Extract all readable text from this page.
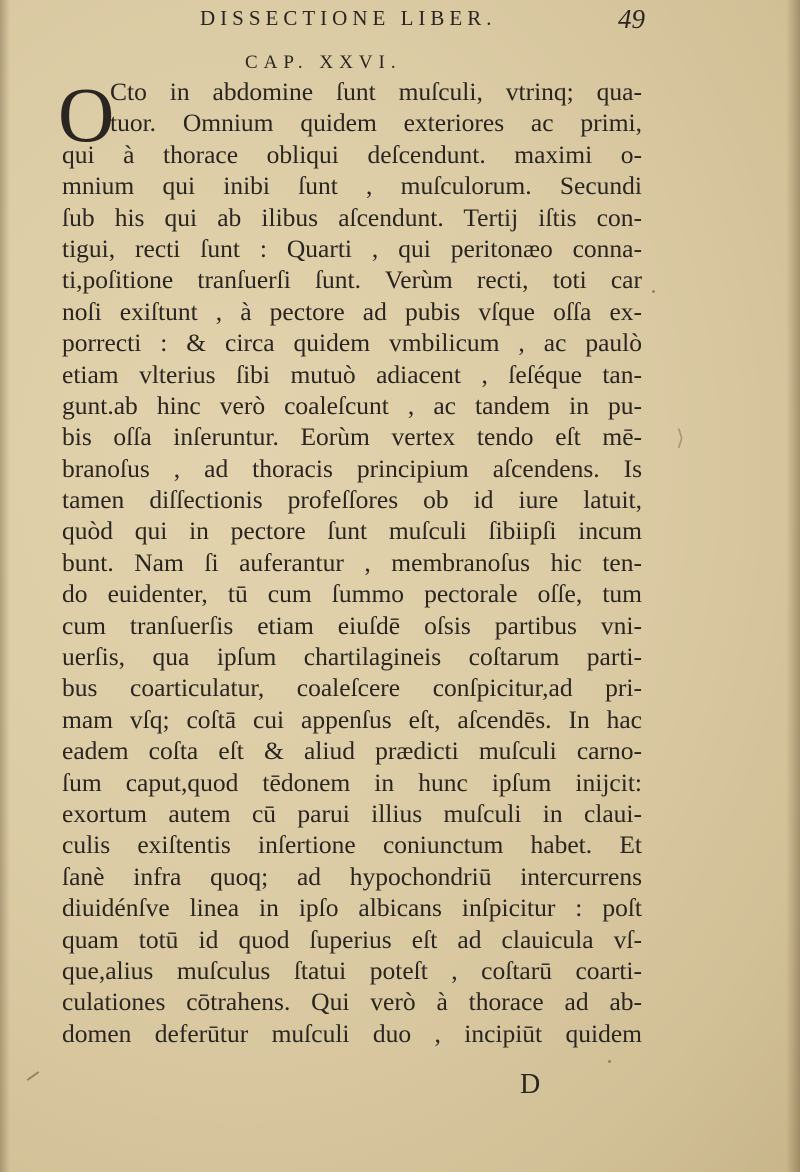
DISSECTIONE LIBER.	49
CAP. XXVI.
O
Cto in abdomine ſunt muſculi, vtrinq; qua-
tuor. Omnium quidem exteriores ac primi,
qui à thorace obliqui deſcendunt. maximi o-
mnium qui inibi ſunt , muſculorum. Secundi
ſub his qui ab ilibus aſcendunt. Tertij iſtis con-
tigui, recti ſunt : Quarti , qui peritonæo conna-
ti,poſitione tranſuerſi ſunt. Verùm recti, toti car
noſi exiſtunt , à pectore ad pubis vſque oſſa ex-
porrecti : & circa quidem vmbilicum , ac paulò
etiam vlterius ſibi mutuò adiacent , ſeſéque tan-
gunt.ab hinc verò coaleſcunt , ac tandem in pu-
bis oſſa inſeruntur. Eorùm vertex tendo eſt mē-
branoſus , ad thoracis principium aſcendens. Is
tamen diſſectionis profeſſores ob id iure latuit,
quòd qui in pectore ſunt muſculi ſibiipſi incum
bunt. Nam ſi auferantur , membranoſus hic ten-
do euidenter, tū cum ſummo pectorale oſſe, tum
cum tranſuerſis etiam eiuſdē oſsis partibus vni-
uerſis, qua ipſum chartilagineis coſtarum parti-
bus coarticulatur, coaleſcere conſpicitur,ad pri-
mam vſq; coſtā cui appenſus eſt, aſcendēs. In hac
eadem coſta eſt & aliud prædicti muſculi carno-
ſum caput,quod tēdonem in hunc ipſum inijcit:
exortum autem cū parui illius muſculi in claui-
culis exiſtentis inſertione coniunctum habet. Et
ſanè infra quoq; ad hypochondriū intercurrens
diuidénſve linea in ipſo albicans inſpicitur : poſt
quam totū id quod ſuperius eſt ad clauicula vſ-
que,alius muſculus ſtatui poteſt , coſtarū coarti-
culationes cōtrahens. Qui verò à thorace ad ab-
domen deferūtur muſculi duo , incipiūt quidem
D
⟩
